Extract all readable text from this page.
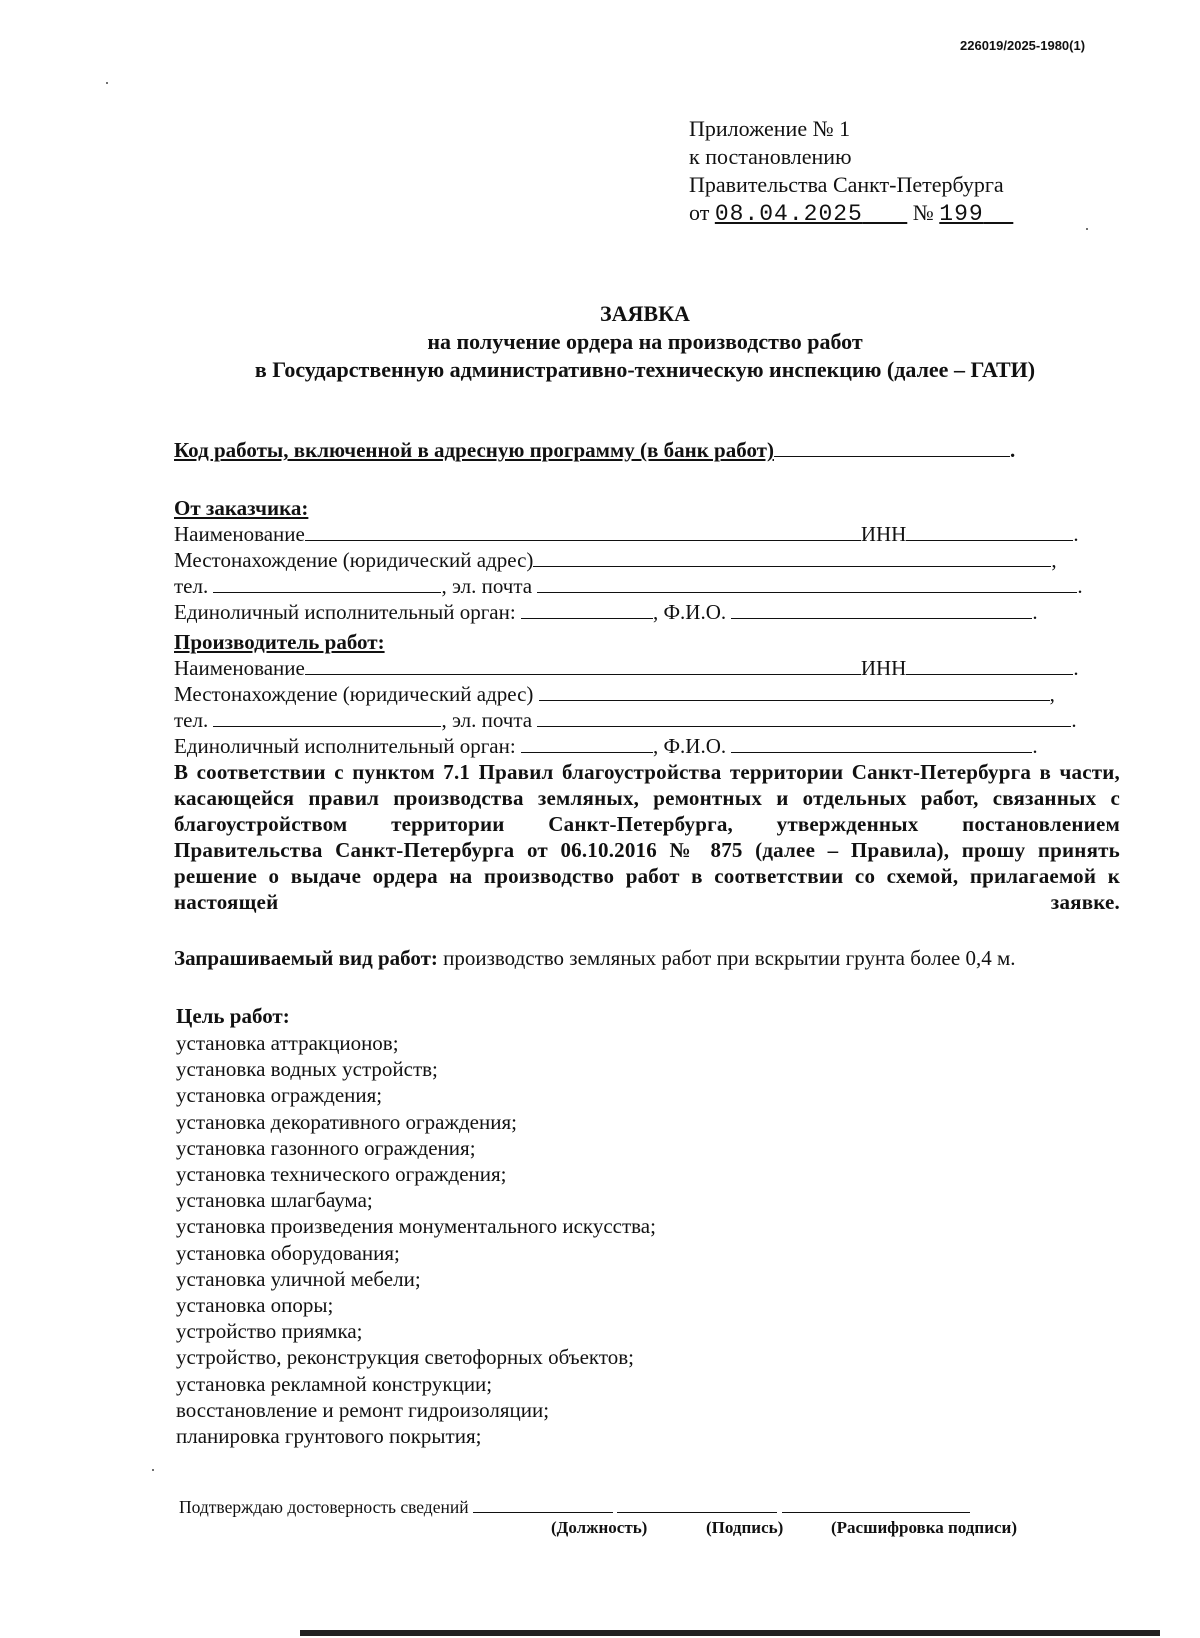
226019/2025-1980(1)
Приложение № 1
к постановлению
Правительства Санкт-Петербурга
от 08.04.2025 № 199
ЗАЯВКА
на получение ордера на производство работ
в Государственную административно-техническую инспекцию (далее – ГАТИ)
Код работы, включенной в адресную программу (в банк работ)	.
От заказчика:
Наименование	ИНН	.
Местонахождение (юридический адрес)	,
тел.	, эл. почта	.
Единоличный исполнительный орган:	, Ф.И.О.	.
Производитель работ:
Наименование	ИНН	.
Местонахождение (юридический адрес)	,
тел.	, эл. почта	.
Единоличный исполнительный орган:	, Ф.И.О.	.
В соответствии с пунктом 7.1 Правил благоустройства территории Санкт-Петербурга в части, касающейся правил производства земляных, ремонтных и отдельных работ, связанных с благоустройством территории Санкт-Петербурга, утвержденных постановлением Правительства Санкт-Петербурга от 06.10.2016 № 875 (далее – Правила), прошу принять решение о выдаче ордера на производство работ в соответствии со схемой, прилагаемой к настоящей заявке.
Запрашиваемый вид работ: производство земляных работ при вскрытии грунта более 0,4 м.
Цель работ:
установка аттракционов;
установка водных устройств;
установка ограждения;
установка декоративного ограждения;
установка газонного ограждения;
установка технического ограждения;
установка шлагбаума;
установка произведения монументального искусства;
установка оборудования;
установка уличной мебели;
установка опоры;
устройство приямка;
устройство, реконструкция светофорных объектов;
установка рекламной конструкции;
восстановление и ремонт гидроизоляции;
планировка грунтового покрытия;
Подтверждаю достоверность сведений
(Должность)	(Подпись)	(Расшифровка подписи)
